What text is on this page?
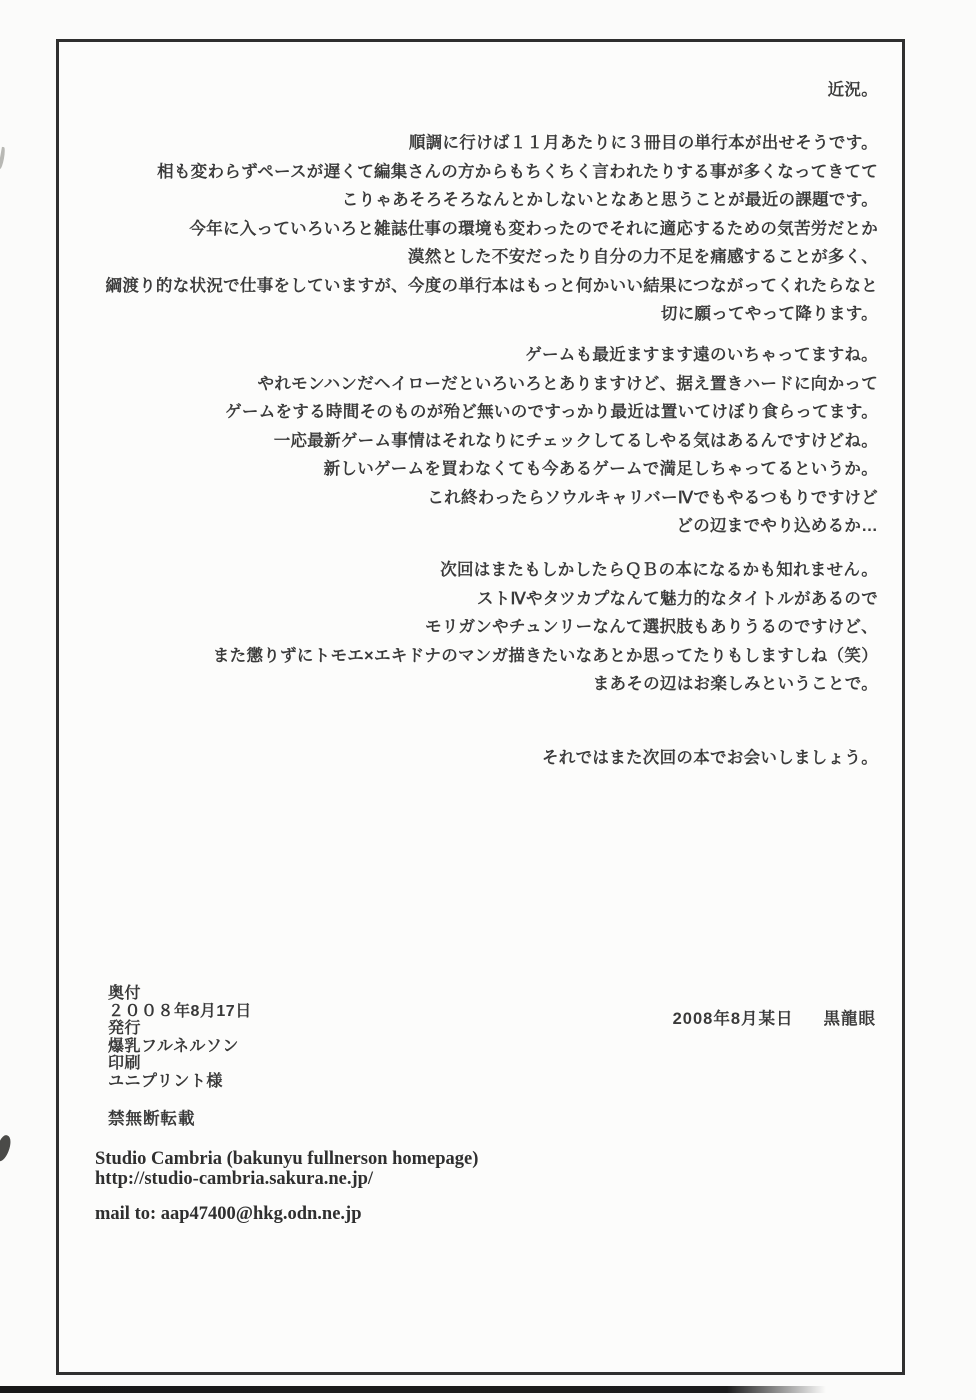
近況。
順調に行けば１１月あたりに３冊目の単行本が出せそうです。
相も変わらずペースが遅くて編集さんの方からもちくちく言われたりする事が多くなってきてて
こりゃあそろそろなんとかしないとなあと思うことが最近の課題です。
今年に入っていろいろと雑誌仕事の環境も変わったのでそれに適応するための気苦労だとか
漠然とした不安だったり自分の力不足を痛感することが多く、
綱渡り的な状況で仕事をしていますが、今度の単行本はもっと何かいい結果につながってくれたらなと
切に願ってやって降ります。
ゲームも最近ますます遠のいちゃってますね。
やれモンハンだヘイローだといろいろとありますけど、据え置きハードに向かって
ゲームをする時間そのものが殆ど無いのですっかり最近は置いてけぼり食らってます。
一応最新ゲーム事情はそれなりにチェックしてるしやる気はあるんですけどね。
新しいゲームを買わなくても今あるゲームで満足しちゃってるというか。
これ終わったらソウルキャリバーⅣでもやるつもりですけど
どの辺までやり込めるか…
次回はまたもしかしたらＱＢの本になるかも知れません。
ストⅣやタツカプなんて魅力的なタイトルがあるので
モリガンやチュンリーなんて選択肢もありうるのですけど、
また懲りずにトモエ×エキドナのマンガ描きたいなあとか思ってたりもしますしね（笑）
まあその辺はお楽しみということで。
それではまた次回の本でお会いしましょう。
奥付
２００８年8月17日
発行
爆乳フルネルソン
印刷
ユニプリント様
禁無断転載
Studio Cambria (bakunyu fullnerson homepage)
http://studio-cambria.sakura.ne.jp/
mail to: aap47400@hkg.odn.ne.jp
2008年8月某日 黒龍眼
